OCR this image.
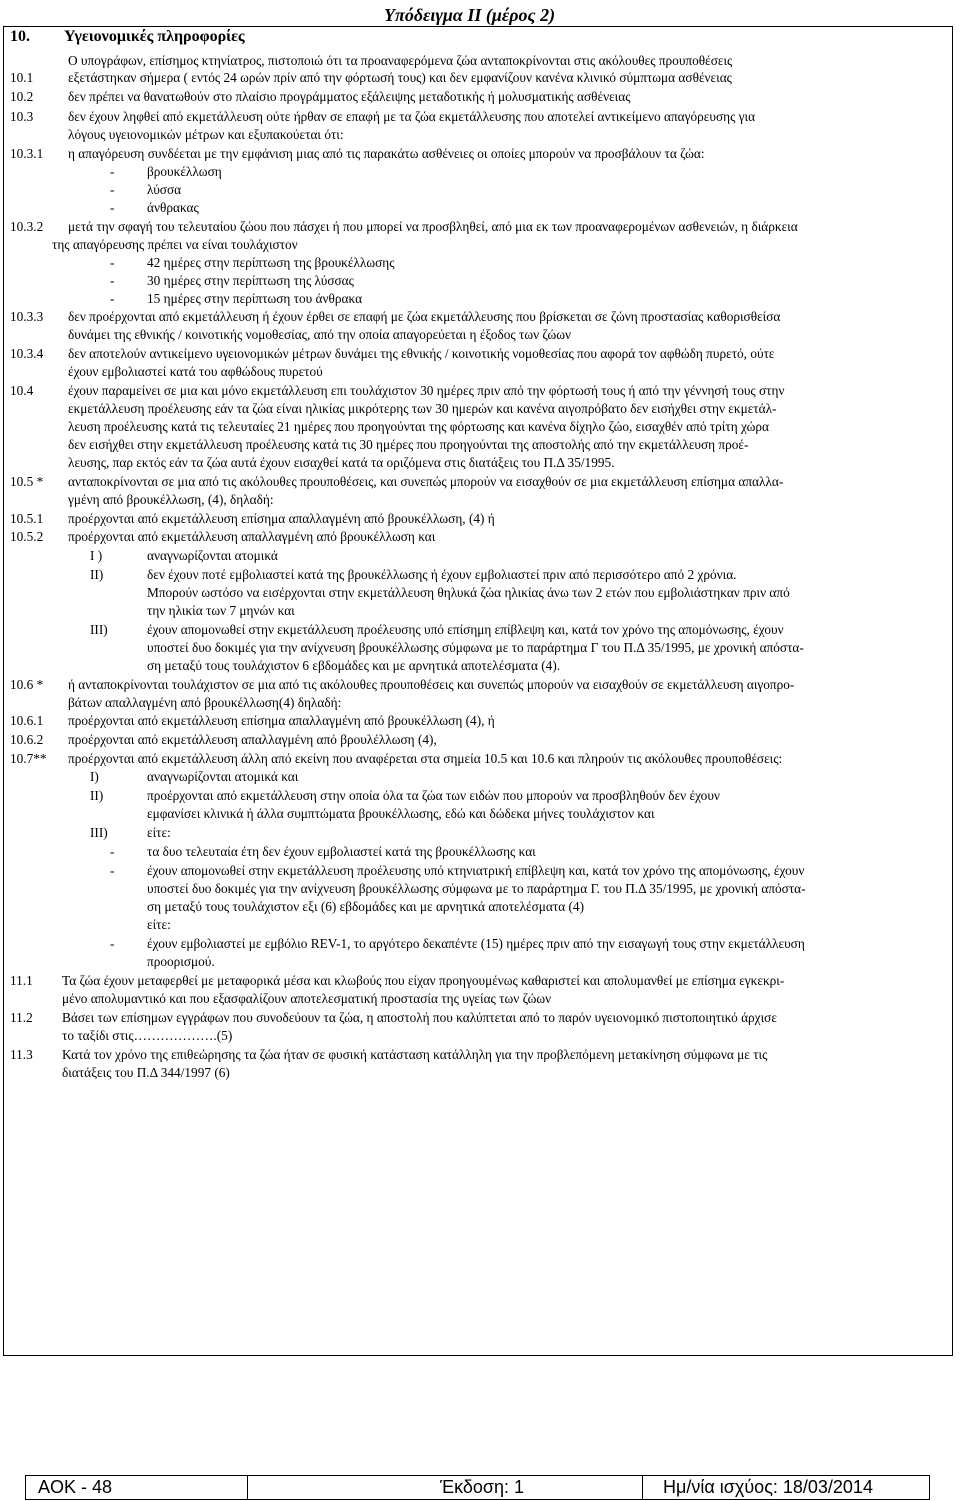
Υπόδειγμα ΙΙ (μέρος 2)
10. Υγειονομικές πληροφορίες
Ο υπογράφων, επίσημος κτηνίατρος, πιστοποιώ ότι τα προαναφερόμενα ζώα ανταποκρίνονται στις ακόλουθες προυποθέσεις
10.1	εξετάστηκαν σήμερα ( εντός 24 ωρών πρίν από την φόρτωσή τους) και δεν εμφανίζουν κανένα κλινικό σύμπτωμα ασθένειας
10.2	δεν πρέπει να θανατωθούν στο πλαίσιο προγράμματος εξάλειψης μεταδοτικής ή μολυσματικής ασθένειας
10.3	δεν έχουν ληφθεί από εκμετάλλευση ούτε ήρθαν σε επαφή με τα ζώα εκμετάλλευσης που αποτελεί αντικείμενο απαγόρευσης για
λόγους υγειονομικών μέτρων και εξυπακούεται ότι:
10.3.1 η απαγόρευση συνδέεται με την εμφάνιση μιας από τις παρακάτω ασθένειες οι οποίες μπορούν να προσβάλουν τα ζώα:
- βρουκέλλωση
- λύσσα
- άνθρακας
10.3.2 μετά την σφαγή του τελευταίου ζώου που πάσχει ή που μπορεί να προσβληθεί, από μια εκ των προαναφερομένων ασθενειών, η διάρκεια
της απαγόρευσης πρέπει να είναι τουλάχιστον
- 42 ημέρες στην περίπτωση της βρουκέλλωσης
- 30 ημέρες στην περίπτωση της λύσσας
- 15 ημέρες στην περίπτωση του άνθρακα
10.3.3 δεν προέρχονται από εκμετάλλευση ή έχουν έρθει σε επαφή με ζώα εκμετάλλευσης που βρίσκεται σε ζώνη προστασίας καθορισθείσα
δυνάμει της εθνικής / κοινοτικής νομοθεσίας, από την οποία απαγορεύεται η έξοδος των ζώων
10.3.4 δεν αποτελούν αντικείμενο υγειονομικών μέτρων δυνάμει της εθνικής / κοινοτικής νομοθεσίας που αφορά τον αφθώδη πυρετό, ούτε
έχουν εμβολιαστεί κατά του αφθώδους πυρετού
10.4	έχουν παραμείνει σε μια και μόνο εκμετάλλευση επι τουλάχιστον 30 ημέρες πριν από την φόρτωσή τους ή από την γέννησή τους στην
εκμετάλλευση προέλευσης εάν τα ζώα είναι ηλικίας μικρότερης των 30 ημερών και κανένα αιγοπρόβατο δεν εισήχθει στην εκμετάλ-
λευση προέλευσης κατά τις τελευταίες 21 ημέρες που προηγούνται της φόρτωσης και κανένα δίχηλο ζώο, εισαχθέν από τρίτη χώρα
δεν εισήχθει στην εκμετάλλευση προέλευσης κατά τις 30 ημέρες που προηγούνται της αποστολής από την εκμετάλλευση προέ-
λευσης, παρ εκτός εάν τα ζώα αυτά έχουν εισαχθεί κατά τα οριζόμενα στις διατάξεις του Π.Δ 35/1995.
10.5 * ανταποκρίνονται σε μια από τις ακόλουθες προυποθέσεις, και συνεπώς μπορούν να εισαχθούν σε μια εκμετάλλευση επίσημα απαλλα-
γμένη από βρουκέλλωση, (4), δηλαδή:
10.5.1 προέρχονται από εκμετάλλευση επίσημα απαλλαγμένη από βρουκέλλωση, (4) ή
10.5.2 προέρχονται από εκμετάλλευση απαλλαγμένη από βρουκέλλωση και
Ι )	αναγνωρίζονται ατομικά
ΙΙ)	δεν έχουν ποτέ εμβολιαστεί κατά της βρουκέλλωσης ή έχουν εμβολιαστεί πριν από περισσότερο από 2 χρόνια.
Μπορούν ωστόσο να εισέρχονται στην εκμετάλλευση θηλυκά ζώα ηλικίας άνω των 2 ετών που εμβολιάστηκαν πριν από
την ηλικία των 7 μηνών και
ΙΙΙ)	έχουν απομονωθεί στην εκμετάλλευση προέλευσης υπό επίσημη επίβλεψη και, κατά τον χρόνο της απομόνωσης, έχουν
υποστεί δυο δοκιμές για την ανίχνευση βρουκέλλωσης σύμφωνα με το παράρτημα Γ του Π.Δ 35/1995, με χρονική απόστα-
ση μεταξύ τους τουλάχιστον 6 εβδομάδες και με αρνητικά αποτελέσματα (4).
10.6 * ή ανταποκρίνονται τουλάχιστον σε μια από τις ακόλουθες προυποθέσεις και συνεπώς μπορούν να εισαχθούν σε εκμετάλλευση αιγοπρο-
βάτων απαλλαγμένη από βρουκέλλωση(4) δηλαδή:
10.6.1 προέρχονται από εκμετάλλευση επίσημα απαλλαγμένη από βρουκέλλωση (4), ή
10.6.2 προέρχονται από εκμετάλλευση απαλλαγμένη από βρουλέλλωση (4),
10.7** προέρχονται από εκμετάλλευση άλλη από εκείνη που αναφέρεται στα σημεία 10.5 και 10.6 και πληρούν τις ακόλουθες προυποθέσεις:
Ι)	αναγνωρίζονται ατομικά και
ΙΙ)	προέρχονται από εκμετάλλευση στην οποία όλα τα ζώα των ειδών που μπορούν να προσβληθούν δεν έχουν
εμφανίσει κλινικά ή άλλα συμπτώματα βρουκέλλωσης, εδώ και δώδεκα μήνες τουλάχιστον και
ΙΙΙ)	είτε:
- τα δυο τελευταία έτη δεν έχουν εμβολιαστεί κατά της βρουκέλλωσης και
- έχουν απομονωθεί στην εκμετάλλευση προέλευσης υπό κτηνιατρική επίβλεψη και, κατά τον χρόνο της απομόνωσης, έχουν
υποστεί δυο δοκιμές για την ανίχνευση βρουκέλλωσης σύμφωνα με το παράρτημα Γ. του Π.Δ 35/1995, με χρονική απόστα-
ση μεταξύ τους τουλάχιστον εξι (6) εβδομάδες και με αρνητικά αποτελέσματα (4)
είτε:
- έχουν εμβολιαστεί με εμβόλιο REV-1, το αργότερο δεκαπέντε (15) ημέρες πριν από την εισαγωγή τους στην εκμετάλλευση
προορισμού.
11.1 Τα ζώα έχουν μεταφερθεί με μεταφορικά μέσα και κλωβούς που είχαν προηγουμένως καθαριστεί και απολυμανθεί με επίσημα εγκεκρι-
μένο απολυμαντικό και που εξασφαλίζουν αποτελεσματική προστασία της υγείας των ζώων
11.2 Βάσει των επίσημων εγγράφων που συνοδεύουν τα ζώα, η αποστολή που καλύπτεται από το παρόν υγειονομικό πιστοποιητικό άρχισε
το ταξίδι στις……………….(5)
11.3 Κατά τον χρόνο της επιθεώρησης τα ζώα ήταν σε φυσική κατάσταση κατάλληλη για την προβλεπόμενη μετακίνηση σύμφωνα με τις
διατάξεις του Π.Δ 344/1997 (6)
AOK - 48	Έκδοση: 1	Ημ/νία ισχύος: 18/03/2014
